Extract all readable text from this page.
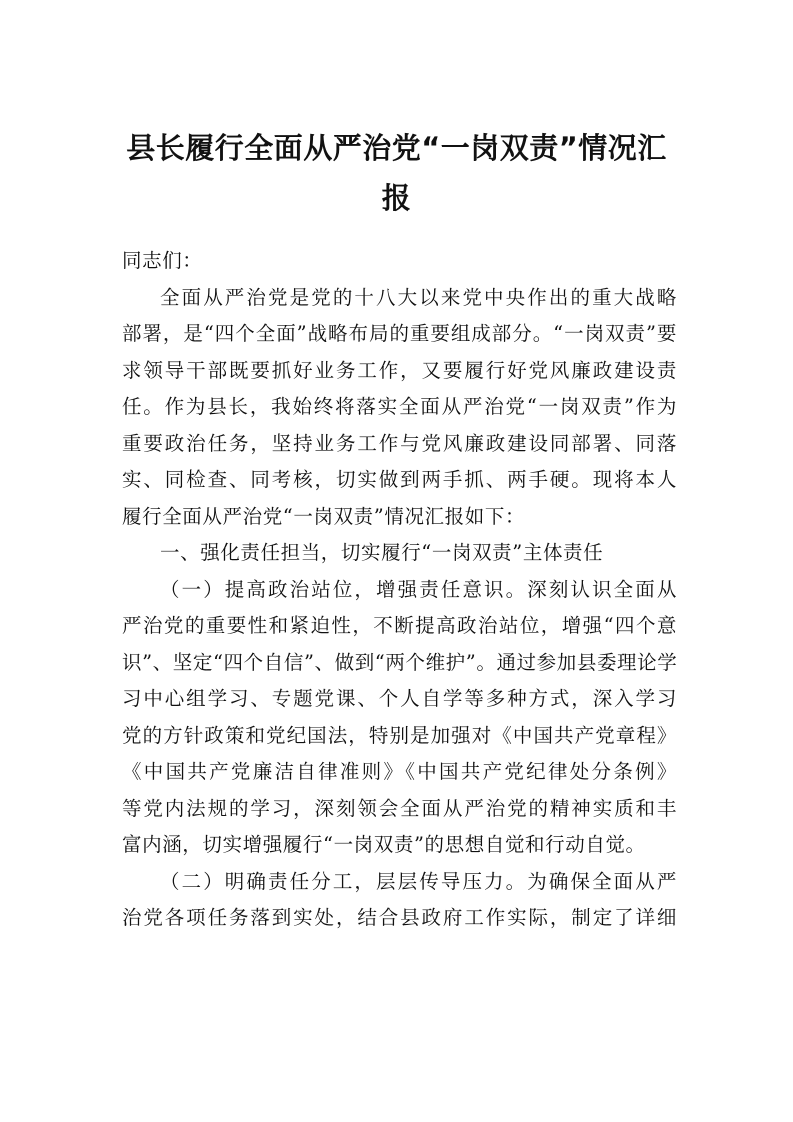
县长履行全面从严治党“一岗双责”情况汇
报
同志们：
全面从严治党是党的十八大以来党中央作出的重大战略
部署，是“四个全面”战略布局的重要组成部分。“一岗双责”要
求领导干部既要抓好业务工作，又要履行好党风廉政建设责
任。作为县长，我始终将落实全面从严治党“一岗双责”作为
重要政治任务，坚持业务工作与党风廉政建设同部署、同落
实、同检查、同考核，切实做到两手抓、两手硬。现将本人
履行全面从严治党“一岗双责”情况汇报如下：
一、强化责任担当，切实履行“一岗双责”主体责任
（一）提高政治站位，增强责任意识。深刻认识全面从
严治党的重要性和紧迫性，不断提高政治站位，增强“四个意
识”、坚定“四个自信”、做到“两个维护”。通过参加县委理论学
习中心组学习、专题党课、个人自学等多种方式，深入学习
党的方针政策和党纪国法，特别是加强对《中国共产党章程》
《中国共产党廉洁自律准则》《中国共产党纪律处分条例》
等党内法规的学习，深刻领会全面从严治党的精神实质和丰
富内涵，切实增强履行“一岗双责”的思想自觉和行动自觉。
（二）明确责任分工，层层传导压力。为确保全面从严
治党各项任务落到实处，结合县政府工作实际，制定了详细
